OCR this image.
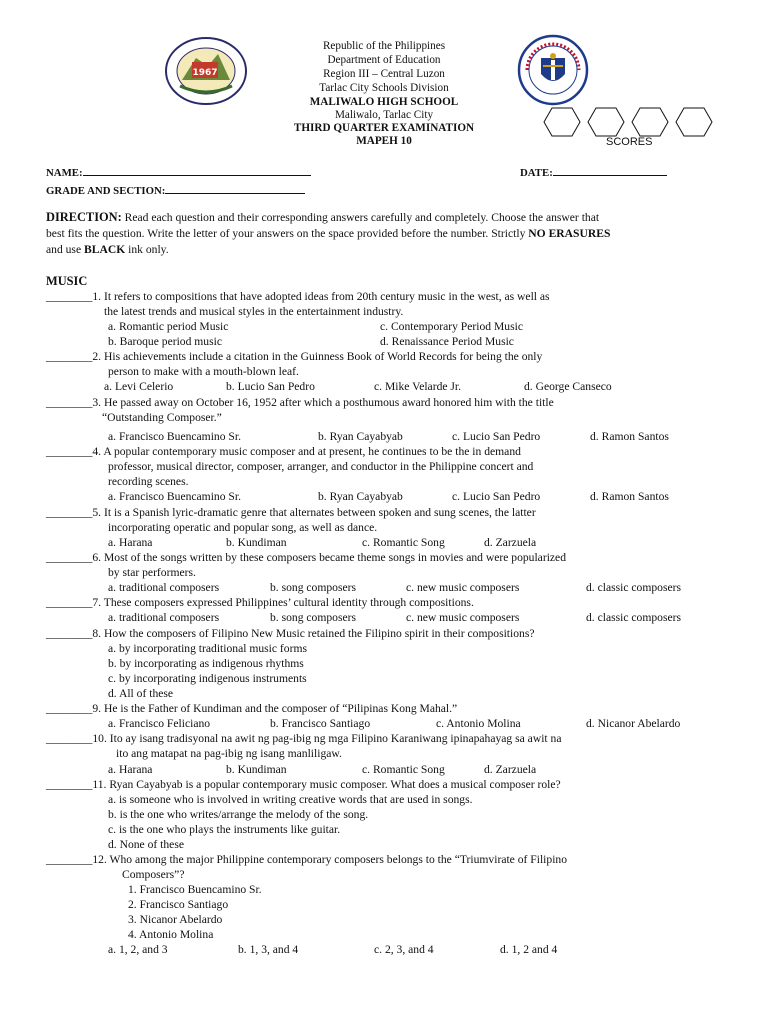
1967
Republic of the Philippines
Department of Education
Region III – Central Luzon
Tarlac City Schools Division
MALIWALO HIGH SCHOOL
Maliwalo, Tarlac City
THIRD QUARTER EXAMINATION
MAPEH 10	SCORES
NAME:	DATE:
GRADE AND SECTION:
DIRECTION: Read each question and their corresponding answers carefully and completely. Choose the answer that
best fits the question. Write the letter of your answers on the space provided before the number. Strictly NO ERASURES
and use BLACK ink only.
MUSIC
________1. It refers to compositions that have adopted ideas from 20th century music in the west, as well as
the latest trends and musical styles in the entertainment industry.
a. Romantic period Music	c. Contemporary Period Music
b. Baroque period music	d. Renaissance Period Music
________2. His achievements include a citation in the Guinness Book of World Records for being the only
person to make with a mouth-blown leaf.
a. Levi Celerio	b. Lucio San Pedro	c. Mike Velarde Jr.	d. George Canseco
________3. He passed away on October 16, 1952 after which a posthumous award honored him with the title
“Outstanding Composer.”
a. Francisco Buencamino Sr.	b. Ryan Cayabyab	c. Lucio San Pedro	d. Ramon Santos
________4. A popular contemporary music composer and at present, he continues to be the in demand
professor, musical director, composer, arranger, and conductor in the Philippine concert and
recording scenes.
a. Francisco Buencamino Sr.	b. Ryan Cayabyab	c. Lucio San Pedro	d. Ramon Santos
________5. It is a Spanish lyric-dramatic genre that alternates between spoken and sung scenes, the latter
incorporating operatic and popular song, as well as dance.
a. Harana	b. Kundiman	c. Romantic Song	d. Zarzuela
________6. Most of the songs written by these composers became theme songs in movies and were popularized
by star performers.
a. traditional composers	b. song composers	c. new music composers	d. classic composers
________7. These composers expressed Philippines’ cultural identity through compositions.
a. traditional composers	b. song composers	c. new music composers	d. classic composers
________8. How the composers of Filipino New Music retained the Filipino spirit in their compositions?
a. by incorporating traditional music forms
b. by incorporating as indigenous rhythms
c. by incorporating indigenous instruments
d. All of these
________9. He is the Father of Kundiman and the composer of “Pilipinas Kong Mahal.”
a. Francisco Feliciano	b. Francisco Santiago	c. Antonio Molina	d. Nicanor Abelardo
________10. Ito ay isang tradisyonal na awit ng pag-ibig ng mga Filipino Karaniwang ipinapahayag sa awit na
ito ang matapat na pag-ibig ng isang manliligaw.
a. Harana	b. Kundiman	c. Romantic Song	d. Zarzuela
________11. Ryan Cayabyab is a popular contemporary music composer. What does a musical composer role?
a. is someone who is involved in writing creative words that are used in songs.
b. is the one who writes/arrange the melody of the song.
c. is the one who plays the instruments like guitar.
d. None of these
________12. Who among the major Philippine contemporary composers belongs to the “Triumvirate of Filipino
Composers”?
1. Francisco Buencamino Sr.
2. Francisco Santiago
3. Nicanor Abelardo
4. Antonio Molina
a. 1, 2, and 3	b. 1, 3, and 4	c. 2, 3, and 4	d. 1, 2 and 4
